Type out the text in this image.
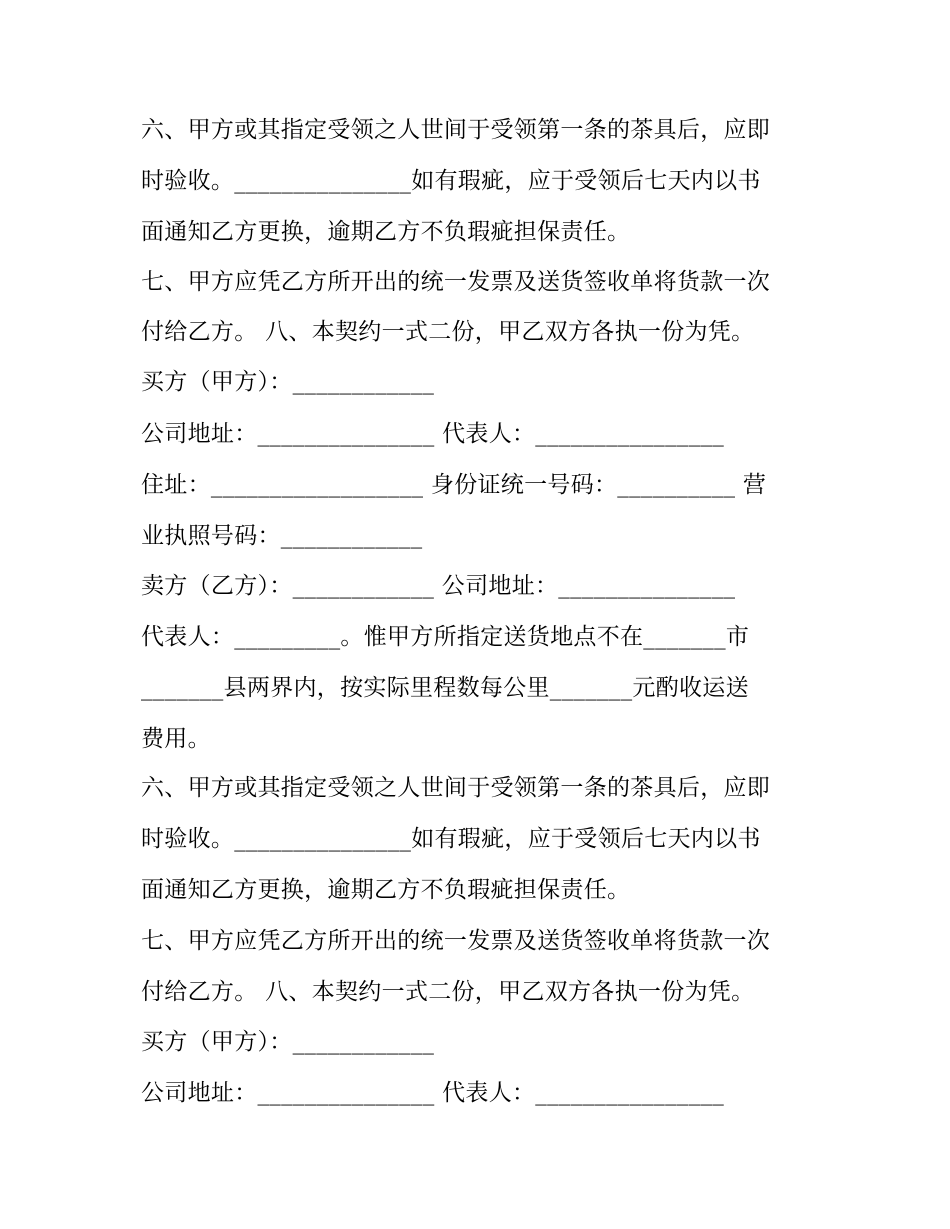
六、甲方或其指定受领之人世间于受领第一条的茶具后，应即
时验收。_______________如有瑕疵，应于受领后七天内以书
面通知乙方更换，逾期乙方不负瑕疵担保责任。
七、甲方应凭乙方所开出的统一发票及送货签收单将货款一次
付给乙方。 八、本契约一式二份，甲乙双方各执一份为凭。
买方（甲方）：____________
公司地址：_______________ 代表人：________________
住址：__________________ 身份证统一号码：__________ 营
业执照号码：____________
卖方（乙方）：____________ 公司地址：_______________
代表人：_________。惟甲方所指定送货地点不在_______市
_______县两界内，按实际里程数每公里_______元酌收运送
费用。
六、甲方或其指定受领之人世间于受领第一条的茶具后，应即
时验收。_______________如有瑕疵，应于受领后七天内以书
面通知乙方更换，逾期乙方不负瑕疵担保责任。
七、甲方应凭乙方所开出的统一发票及送货签收单将货款一次
付给乙方。 八、本契约一式二份，甲乙双方各执一份为凭。
买方（甲方）：____________
公司地址：_______________ 代表人：________________
